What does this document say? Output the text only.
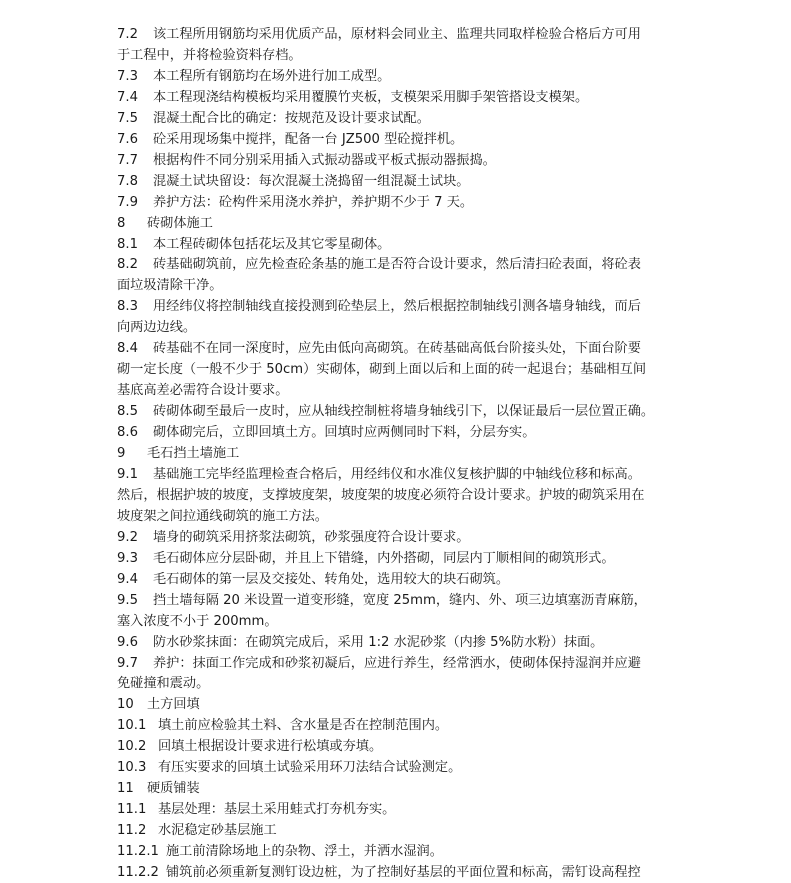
7.2 该工程所用钢筋均采用优质产品，原材料会同业主、监理共同取样检验合格后方可用
于工程中，并将检验资料存档。
7.3 本工程所有钢筋均在场外进行加工成型。
7.4 本工程现浇结构模板均采用覆膜竹夹板，支模架采用脚手架管搭设支模架。
7.5 混凝土配合比的确定：按规范及设计要求试配。
7.6 砼采用现场集中搅拌，配备一台 JZ500 型砼搅拌机。
7.7 根据构件不同分别采用插入式振动器或平板式振动器振捣。
7.8 混凝土试块留设：每次混凝土浇捣留一组混凝土试块。
7.9 养护方法：砼构件采用浇水养护，养护期不少于 7 天。
8 砖砌体施工
8.1 本工程砖砌体包括花坛及其它零星砌体。
8.2 砖基础砌筑前，应先检查砼条基的施工是否符合设计要求，然后清扫砼表面，将砼表
面垃圾清除干净。
8.3 用经纬仪将控制轴线直接投测到砼垫层上，然后根据控制轴线引测各墙身轴线，而后
向两边边线。
8.4 砖基础不在同一深度时，应先由低向高砌筑。在砖基础高低台阶接头处，下面台阶要
砌一定长度（一般不少于 50cm）实砌体，砌到上面以后和上面的砖一起退台；基础相互间
基底高差必需符合设计要求。
8.5 砖砌体砌至最后一皮时，应从轴线控制桩将墙身轴线引下，以保证最后一层位置正确。
8.6 砌体砌完后，立即回填土方。回填时应两侧同时下料，分层夯实。
9 毛石挡土墙施工
9.1 基础施工完毕经监理检查合格后，用经纬仪和水准仪复核护脚的中轴线位移和标高。
然后，根据护坡的坡度，支撑坡度架，坡度架的坡度必须符合设计要求。护坡的砌筑采用在
坡度架之间拉通线砌筑的施工方法。
9.2 墙身的砌筑采用挤浆法砌筑，砂浆强度符合设计要求。
9.3 毛石砌体应分层卧砌，并且上下错缝，内外搭砌，同层内丁顺相间的砌筑形式。
9.4 毛石砌体的第一层及交接处、转角处，选用较大的块石砌筑。
9.5 挡土墙每隔 20 米设置一道变形缝，宽度 25mm，缝内、外、项三边填塞沥青麻筋，
塞入浓度不小于 200mm。
9.6 防水砂浆抹面：在砌筑完成后，采用 1:2 水泥砂浆（内掺 5%防水粉）抹面。
9.7 养护：抹面工作完成和砂浆初凝后，应进行养生，经常洒水，使砌体保持湿润并应避
免碰撞和震动。
10 土方回填
10.1 填土前应检验其土料、含水量是否在控制范围内。
10.2 回填土根据设计要求进行松填或夯填。
10.3 有压实要求的回填土试验采用环刀法结合试验测定。
11 硬质铺装
11.1 基层处理：基层土采用蛙式打夯机夯实。
11.2 水泥稳定砂基层施工
11.2.1 施工前清除场地上的杂物、浮土，并洒水湿润。
11.2.2 铺筑前必须重新复测钉设边桩，为了控制好基层的平面位置和标高，需钉设高程控
